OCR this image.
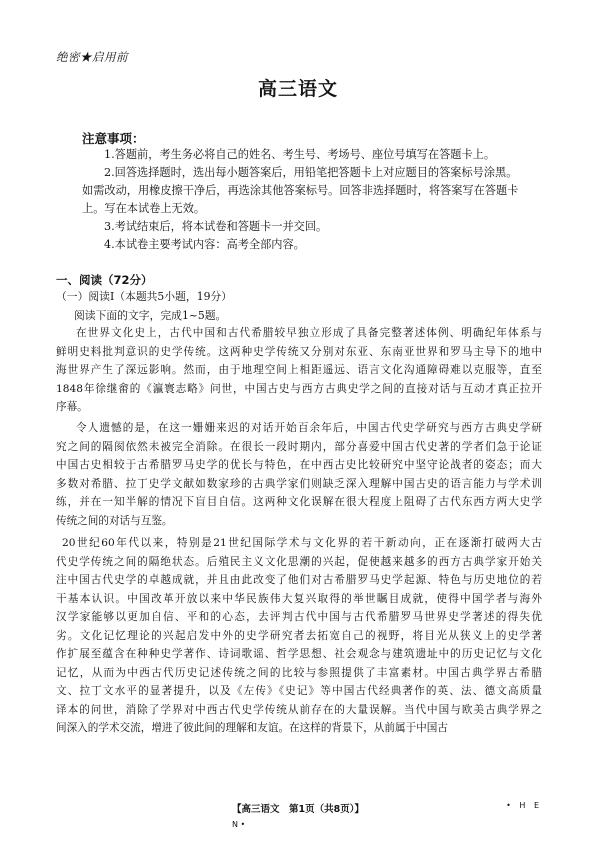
绝密★启用前
高三语文
注意事项：
1.答题前，考生务必将自己的姓名、考生号、考场号、座位号填写在答题卡上。
2.回答选择题时，选出每小题答案后，用铅笔把答题卡上对应题目的答案标号涂黑。
如需改动，用橡皮擦干净后，再选涂其他答案标号。回答非选择题时，将答案写在答题卡
上。写在本试卷上无效。
3.考试结束后，将本试卷和答题卡一并交回。
4.本试卷主要考试内容：高考全部内容。
一、阅读（72分）
（一）阅读Ⅰ（本题共5小题，19分）
阅读下面的文字，完成1~5题。
在世界文化史上，古代中国和古代希腊较早独立形成了具备完整著述体例、明确纪年体系与
鲜明史料批判意识的史学传统。这两种史学传统又分别对东亚、东南亚世界和罗马主导下的地中
海世界产生了深远影响。然而，由于地理空间上相距遥远、语言文化沟通障碍难以克服等，直至
1848年徐继畲的《瀛寰志略》问世，中国古史与西方古典史学之间的直接对话与互动才真正拉开
序幕。
令人遗憾的是，在这一姗姗来迟的对话开始百余年后，中国古代史学研究与西方古典史学研
究之间的隔阂依然未被完全消除。在很长一段时期内，部分喜爱中国古代史著的学者们急于论证
中国古史相较于古希腊罗马史学的优长与特色，在中西古史比较研究中坚守论战者的姿态；而大
多数对希腊、拉丁史学文献如数家珍的古典学家们则缺乏深入理解中国古史的语言能力与学术训
练，并在一知半解的情况下盲目自信。这两种文化误解在很大程度上阻碍了古代东西方两大史学
传统之间的对话与互鉴。
20世纪60年代以来，特别是21世纪国际学术与文化界的若干新动向，正在逐渐打破两大古
代史学传统之间的隔绝状态。后殖民主义文化思潮的兴起，促使越来越多的西方古典学家开始关
注中国古代史学的卓越成就，并且由此改变了他们对古希腊罗马史学起源、特色与历史地位的若
干基本认识。中国改革开放以来中华民族伟大复兴取得的举世瞩目成就，使得中国学者与海外
汉学家能够以更加自信、平和的心态，去评判古代中国与古代希腊罗马世界史学著述的得失优
劣。文化记忆理论的兴起启发中外的史学研究者去拓宽自己的视野，将目光从狭义上的史学著
作扩展至蕴含在种种史学著作、诗词歌谣、哲学思想、社会观念与建筑遗址中的历史记忆与文化
记忆，从而为中西古代历史记述传统之间的比较与参照提供了丰富素材。中国古典学界古希腊
文、拉丁文水平的显著提升，以及《左传》《史记》等中国古代经典著作的英、法、德文高质量
译本的问世，消除了学界对中西古代史学传统从前存在的大量误解。当代中国与欧美古典学界之
间深入的学术交流，增进了彼此间的理解和友谊。在这样的背景下，从前属于中国古
【高三语文　第1页（共8页）】	• H E
N •
